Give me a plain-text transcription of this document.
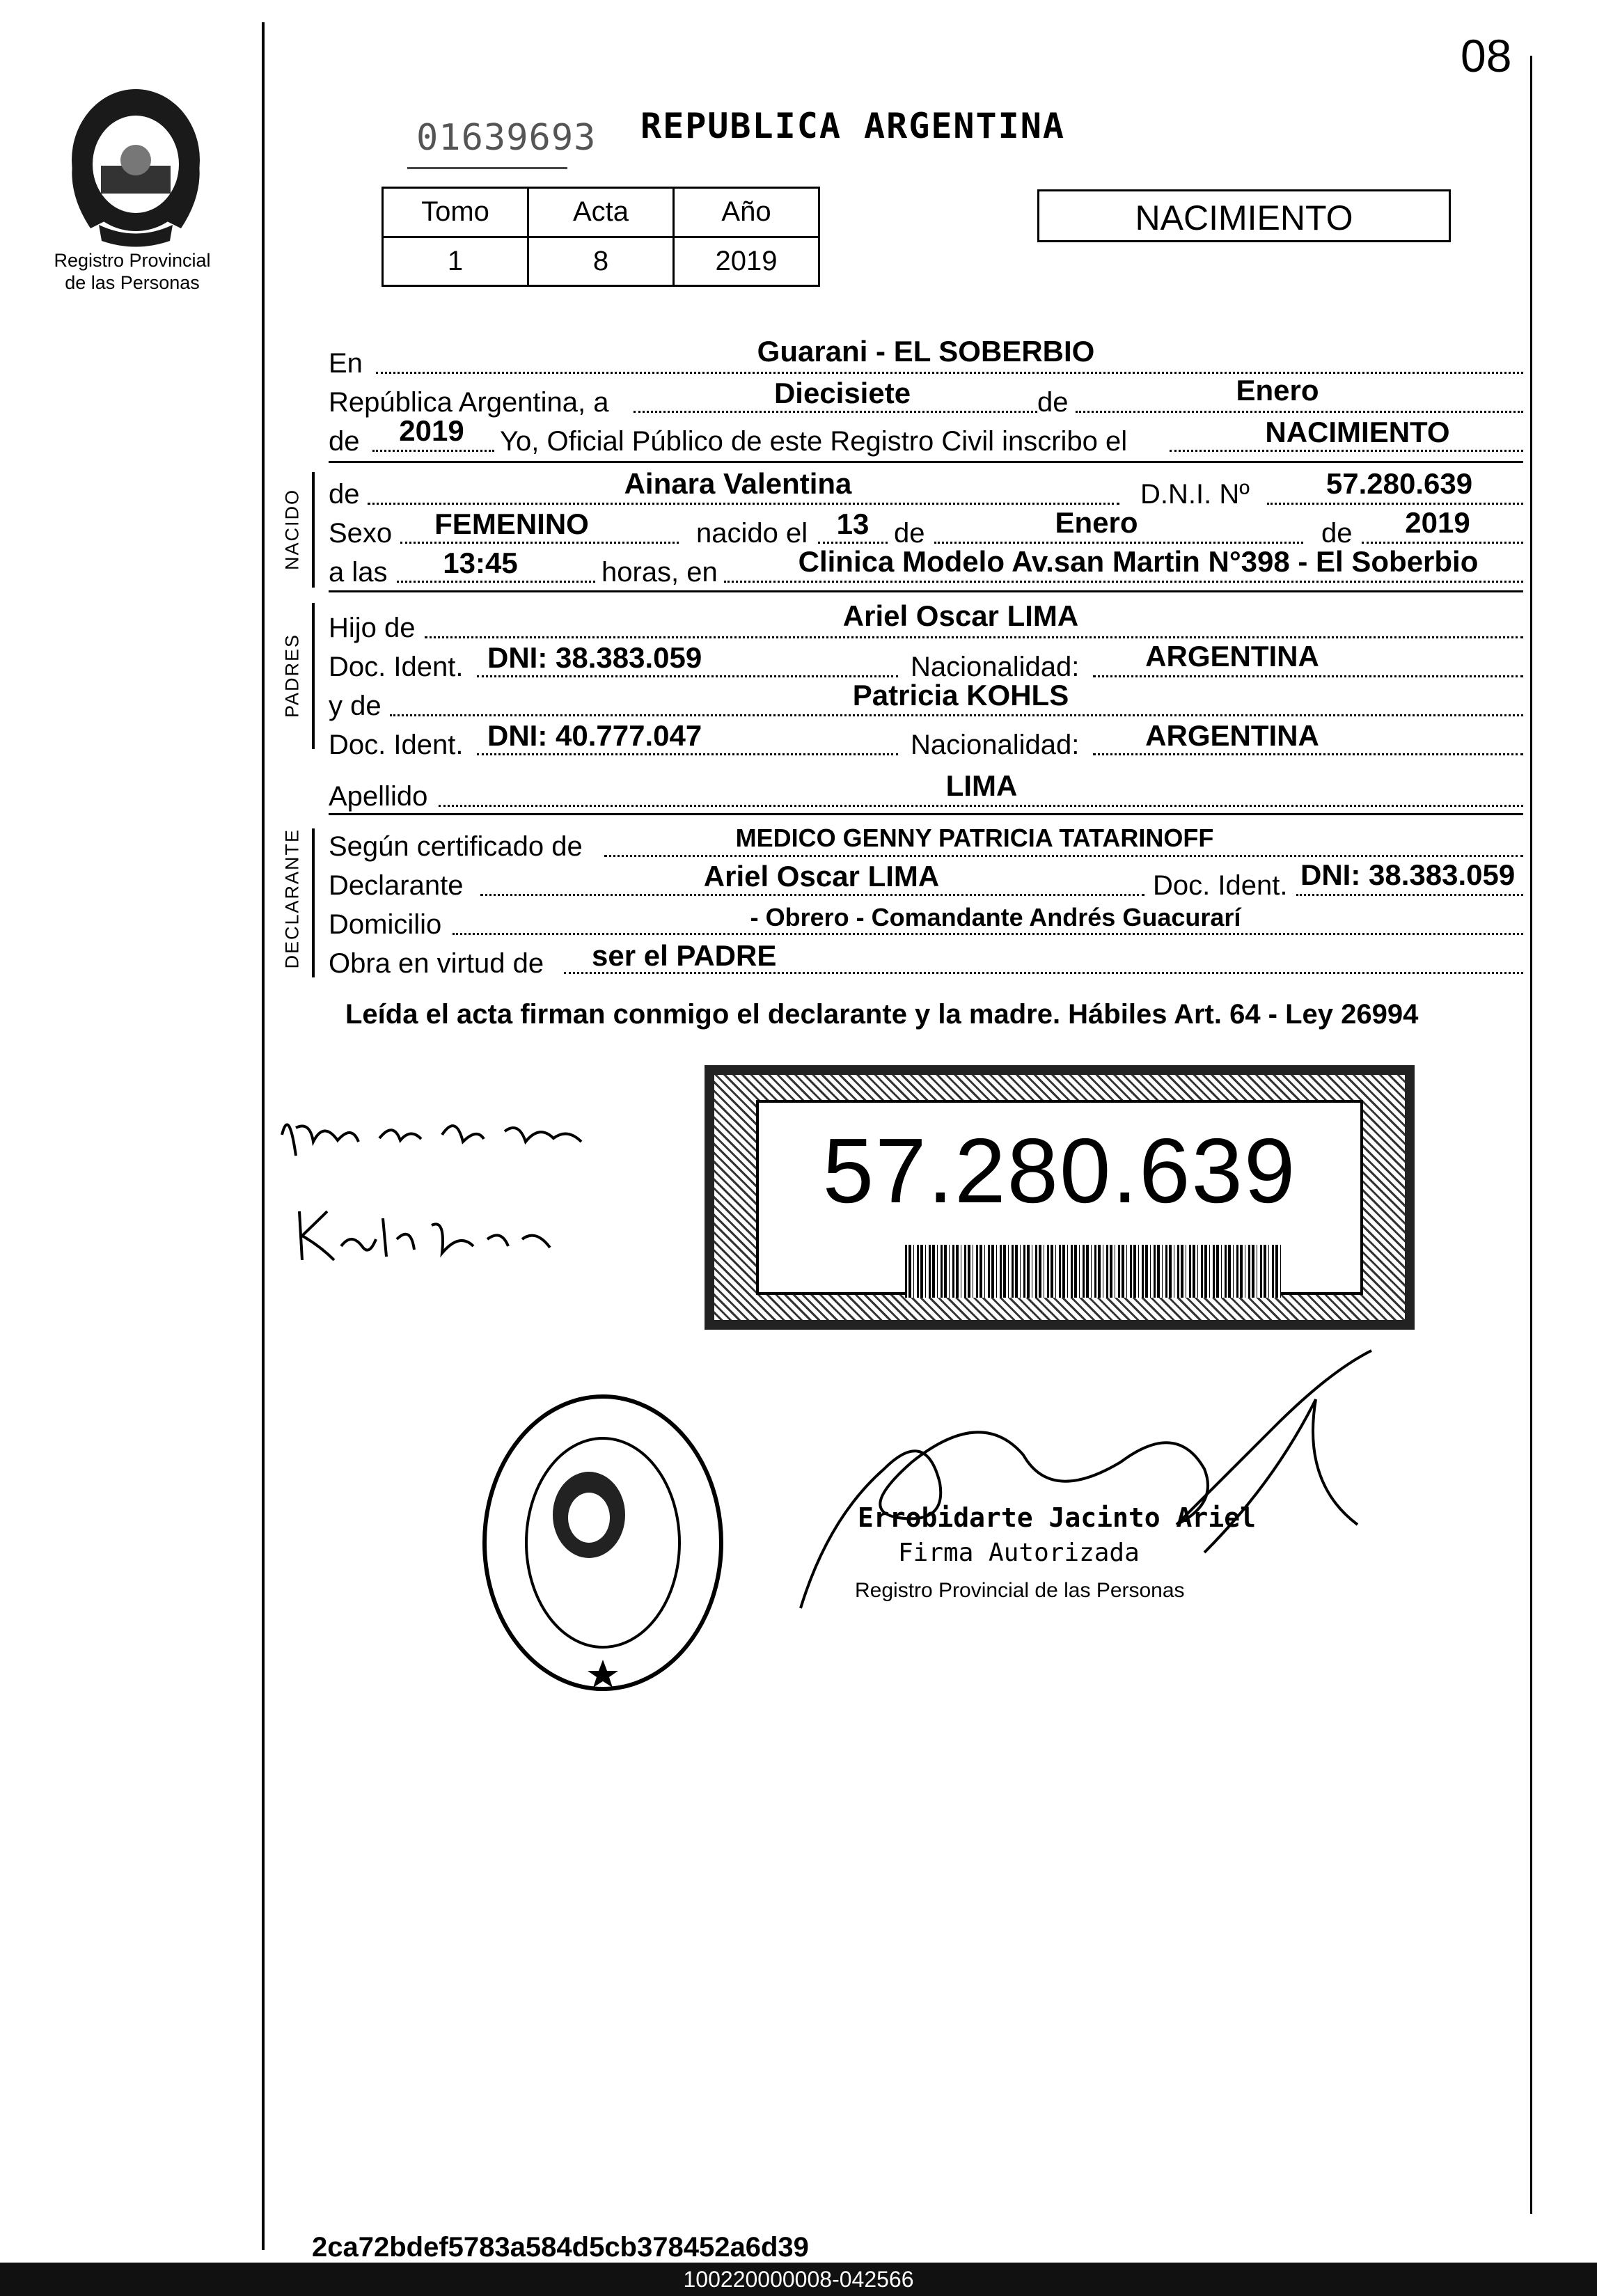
08
Registro Provincial
de las Personas
01639693 REPUBLICA ARGENTINA
Tomo	Acta	Año
1	8	2019
NACIMIENTO
En	Guarani - EL SOBERBIO
República Argentina, a	Diecisiete	de	Enero
de	2019	Yo, Oficial Público de este Registro Civil inscribo el	NACIMIENTO
NACIDO de	Ainara Valentina	D.N.I. Nº	57.280.639
Sexo	FEMENINO	nacido el 13 de	Enero	de	2019
a las	13:45	horas, en	Clinica Modelo Av.san Martin N°398 - El Soberbio
PADRES
Hijo de	Ariel Oscar LIMA
Doc. Ident. DNI: 38.383.059	Nacionalidad:	ARGENTINA
y de	Patricia KOHLS
Doc. Ident. DNI: 40.777.047	Nacionalidad:	ARGENTINA
Apellido	LIMA
DECLARANTE Según certificado de	MEDICO GENNY PATRICIA TATARINOFF
Declarante	Ariel Oscar LIMA	Doc. Ident. DNI: 38.383.059
Domicilio	- Obrero - Comandante Andrés Guacurarí
Obra en virtud de ser el PADRE
Leída el acta firman conmigo el declarante y la madre. Hábiles Art. 64 - Ley 26994
57.280.639
Errobidarte Jacinto Ariel
Firma Autorizada
Registro Provincial de las Personas
2ca72bdef5783a584d5cb378452a6d39
100220000008-042566
